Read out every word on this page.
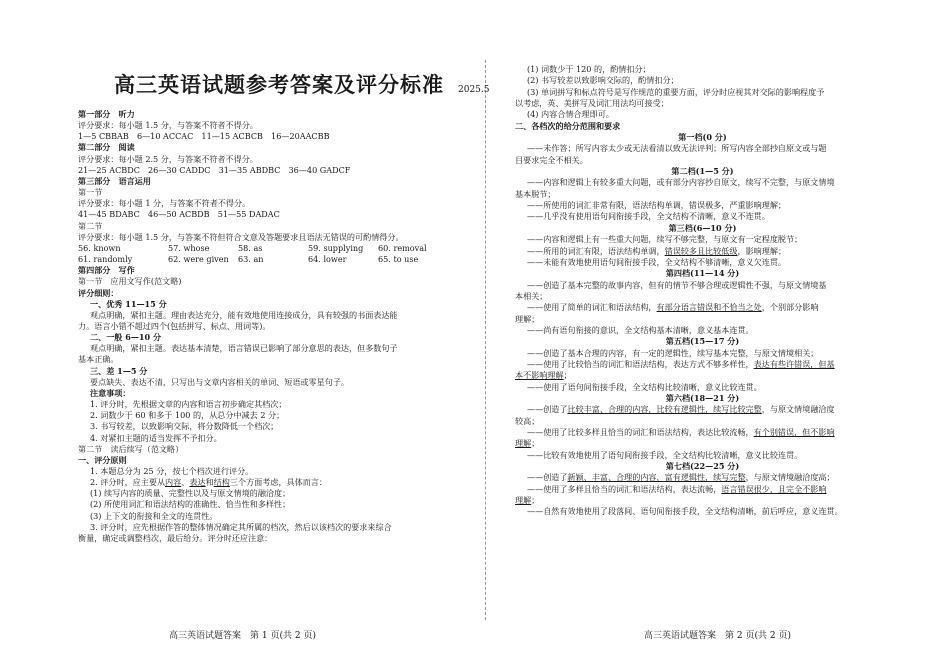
高三英语试题参考答案及评分标准 2025.5
第一部分　听力
评分要求：每小题 1.5 分，与答案不符者不得分。
1—5 CBBAB　6—10 ACCAC　11—15 ACBCB　16—20AACBB
第二部分　阅读
评分要求：每小题 2.5 分，与答案不符者不得分。
21—25 ACBDC　26—30 CADDC　31—35 ABDBC　36—40 GADCF
第三部分　语言运用
第一节
评分要求：每小题 1 分，与答案不符者不得分。
41—45 BDABC　46—50 ACBDB　51—55 DADAC
第二节
评分要求：每小题 1.5 分，与答案不符但符合文意及答题要求且语法无错误的可酌情得分。
56. known	57. whose	58. as	59. supplying	60. removal
61. randomly	62. were given	63. an	64. lower	65. to use
第四部分　写作
第一节　应用文写作(范文略)
评分细则：
一、优秀 11—15 分
观点明确，紧扣主题。理由表达充分，能有效地使用连接成分，具有较强的书面表达能
力。语言小错不超过四个(包括拼写、标点、用词等)。
二、一般 6—10 分
观点明确，紧扣主题。表达基本清楚，语言错误已影响了部分意思的表达，但多数句子
基本正确。
三、差 1—5 分
要点缺失、表达不清，只写出与文章内容相关的单词、短语或零星句子。
注意事项：
1. 评分时，先根据文章的内容和语言初步确定其档次；
2. 词数少于 60 和多于 100 的，从总分中减去 2 分；
3. 书写较差，以致影响交际，将分数降低一个档次；
4. 对紧扣主题的适当发挥不予扣分。
第二节　读后续写（范文略）
一、评分原则
1. 本题总分为 25 分，按七个档次进行评分。
2. 评分时，应主要从内容、表达和结构三个方面考虑，具体而言：
(1) 续写内容的质量、完整性以及与原文情境的融洽度；
(2) 所使用词汇和语法结构的准确性、恰当性和多样性；
(3) 上下文的衔接和全文的连贯性。
3. 评分时，应先根据作答的整体情况确定其所属的档次，然后以该档次的要求来综合
衡量，确定或调整档次，最后给分。评分时还应注意：
高三英语试题答案　第 1 页(共 2 页)
(1) 词数少于 120 的，酌情扣分；
(2) 书写较差以致影响交际的，酌情扣分；
(3) 单词拼写和标点符号是写作规范的重要方面，评分时应视其对交际的影响程度予
以考虑，英、美拼写及词汇用法均可接受；
(4) 内容合情合理即可。
二、各档次的给分范围和要求
第一档(0 分)
——未作答；所写内容太少或无法看清以致无法评判；所写内容全部抄自原文或与题
目要求完全不相关。
第二档(1—5 分)
——内容和逻辑上有较多重大问题，或有部分内容抄自原文，续写不完整，与原文情境
基本脱节；
——所使用的词汇非常有限，语法结构单调，错误极多，严重影响理解；
——几乎没有使用语句间衔接手段，全文结构不清晰，意义不连贯。
第三档(6—10 分)
——内容和逻辑上有一些重大问题，续写不够完整，与原文有一定程度脱节；
——所用的词汇有限，语法结构单调，错误较多且比较低级，影响理解；
——未能有效地使用语句间衔接手段，全文结构不够清晰，意义欠连贯。
第四档(11—14 分)
——创造了基本完整的故事内容，但有的情节不够合理或逻辑性不强，与原文情境基
本相关；
——使用了简单的词汇和语法结构，有部分语言错误和不恰当之处，个别部分影响
理解；
——尚有语句衔接的意识，全文结构基本清晰，意义基本连贯。
第五档(15—17 分)
——创造了基本合理的内容，有一定的逻辑性，续写基本完整，与原文情境相关；
——使用了比较恰当的词汇和语法结构，表达方式不够多样性，表达有些许错误，但基
本不影响理解；
——使用了语句间衔接手段，全文结构比较清晰，意义比较连贯。
第六档(18—21 分)
——创造了比较丰富、合理的内容，比较有逻辑性，续写比较完整，与原文情境融洽度
较高；
——使用了比较多样且恰当的词汇和语法结构，表达比较流畅，有个别错误，但不影响
理解；
——比较有效地使用了语句间衔接手段，全文结构比较清晰，意义比较连贯。
第七档(22—25 分)
——创造了新颖、丰富、合理的内容，富有逻辑性，续写完整，与原文情境融洽度高；
——使用了多样且恰当的词汇和语法结构，表达流畅，语言错误很少，且完全不影响
理解；
——自然有效地使用了段落间、语句间衔接手段，全文结构清晰，前后呼应，意义连贯。
高三英语试题答案　第 2 页(共 2 页)
